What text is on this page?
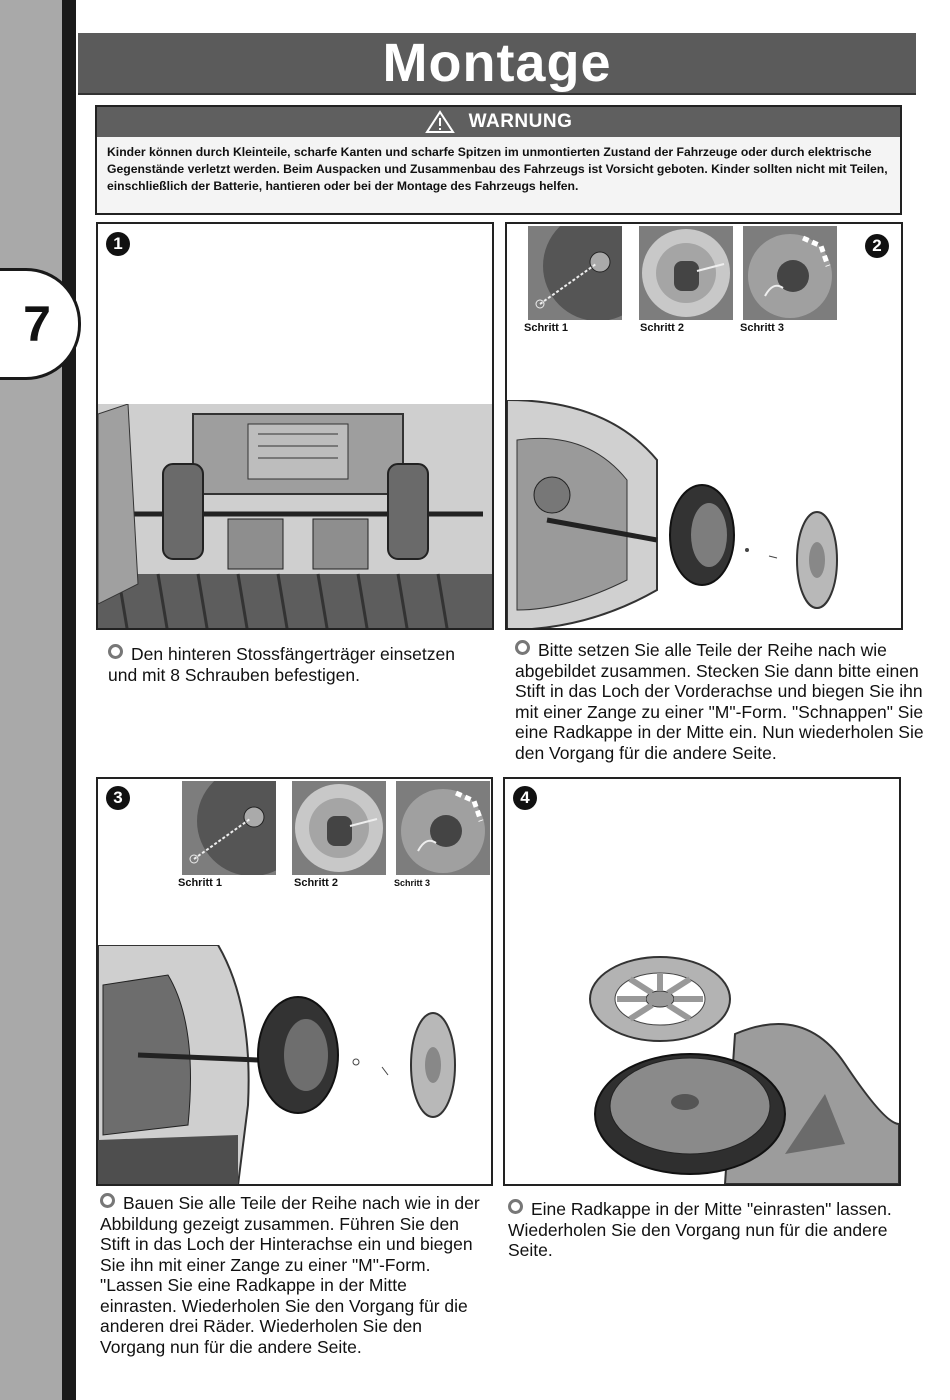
7
Montage
WARNUNG
Kinder können durch Kleinteile, scharfe Kanten und scharfe Spitzen im unmontierten Zustand der Fahrzeuge oder durch elektrische Gegenstände verletzt werden. Beim Auspacken und Zusammenbau des Fahrzeugs ist Vorsicht geboten. Kinder sollten nicht mit Teilen, einschließlich der Batterie, hantieren oder bei der Montage des Fahrzeugs helfen.
1
Den hinteren Stossfängerträger einsetzen und mit 8 Schrauben befestigen.
2
Schritt 1	Schritt 2	Schritt 3
Bitte setzen Sie alle Teile der Reihe nach wie abgebildet zusammen. Stecken Sie dann bitte einen Stift in das Loch der Vorderachse und biegen Sie ihn mit einer Zange zu einer "M"-Form. "Schnappen" Sie eine Radkappe in der Mitte ein. Nun wiederholen Sie den Vorgang für die andere Seite.
3
Schritt 1	Schritt 2	Schritt 3
Bauen Sie alle Teile der Reihe nach wie in der Abbildung gezeigt zusammen. Führen Sie den Stift in das Loch der Hinterachse ein und biegen Sie ihn mit einer Zange zu einer "M"-Form. "Lassen Sie eine Radkappe in der Mitte einrasten. Wiederholen Sie den Vorgang für die anderen drei Räder. Wiederholen Sie den Vorgang nun für die andere Seite.
4
Eine Radkappe in der Mitte "einrasten" lassen. Wiederholen Sie den Vorgang nun für die andere Seite.
